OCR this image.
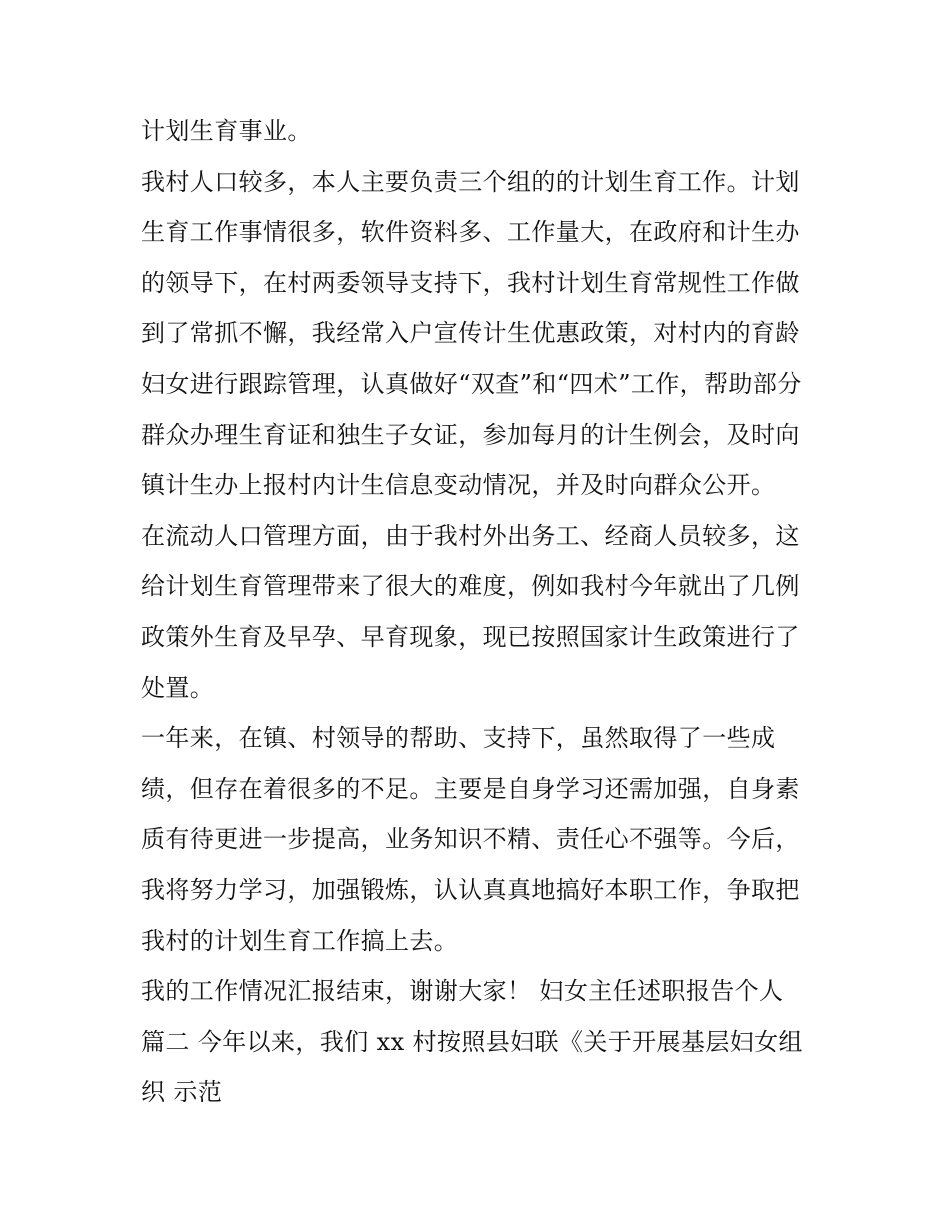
计划生育事业。
我村人口较多，本人主要负责三个组的的计划生育工作。计划
生育工作事情很多，软件资料多、工作量大，在政府和计生办
的领导下，在村两委领导支持下，我村计划生育常规性工作做
到了常抓不懈，我经常入户宣传计生优惠政策，对村内的育龄
妇女进行跟踪管理，认真做好“双查”和“四术”工作，帮助部分
群众办理生育证和独生子女证，参加每月的计生例会，及时向
镇计生办上报村内计生信息变动情况，并及时向群众公开。
在流动人口管理方面，由于我村外出务工、经商人员较多，这
给计划生育管理带来了很大的难度，例如我村今年就出了几例
政策外生育及早孕、早育现象，现已按照国家计生政策进行了
处置。
一年来，在镇、村领导的帮助、支持下，虽然取得了一些成
绩，但存在着很多的不足。主要是自身学习还需加强，自身素
质有待更进一步提高，业务知识不精、责任心不强等。今后，
我将努力学习，加强锻炼，认认真真地搞好本职工作，争取把
我村的计划生育工作搞上去。
我的工作情况汇报结束，谢谢大家！ 妇女主任述职报告个人
篇二 今年以来，我们 xx 村按照县妇联《关于开展基层妇女组
织 示范
